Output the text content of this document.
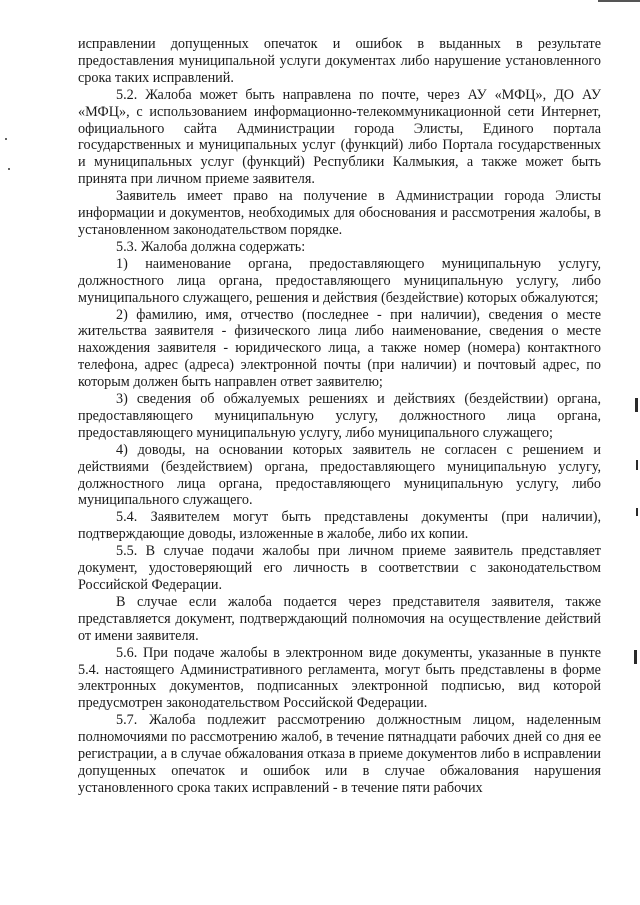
исправлении допущенных опечаток и ошибок в выданных в результате предоставления муниципальной услуги документах либо нарушение установленного срока таких исправлений.

5.2. Жалоба может быть направлена по почте, через АУ «МФЦ», ДО АУ «МФЦ», с использованием информационно-телекоммуникационной сети Интернет, официального сайта Администрации города Элисты, Единого портала государственных и муниципальных услуг (функций) либо Портала государственных и муниципальных услуг (функций) Республики Калмыкия, а также может быть принята при личном приеме заявителя.

Заявитель имеет право на получение в Администрации города Элисты информации и документов, необходимых для обоснования и рассмотрения жалобы, в установленном законодательством порядке.

5.3. Жалоба должна содержать:

1) наименование органа, предоставляющего муниципальную услугу, должностного лица органа, предоставляющего муниципальную услугу, либо муниципального служащего, решения и действия (бездействие) которых обжалуются;

2) фамилию, имя, отчество (последнее - при наличии), сведения о месте жительства заявителя - физического лица либо наименование, сведения о месте нахождения заявителя - юридического лица, а также номер (номера) контактного телефона, адрес (адреса) электронной почты (при наличии) и почтовый адрес, по которым должен быть направлен ответ заявителю;

3) сведения об обжалуемых решениях и действиях (бездействии) органа, предоставляющего муниципальную услугу, должностного лица органа, предоставляющего муниципальную услугу, либо муниципального служащего;

4) доводы, на основании которых заявитель не согласен с решением и действиями (бездействием) органа, предоставляющего муниципальную услугу, должностного лица органа, предоставляющего муниципальную услугу, либо муниципального служащего.

5.4. Заявителем могут быть представлены документы (при наличии), подтверждающие доводы, изложенные в жалобе, либо их копии.

5.5. В случае подачи жалобы при личном приеме заявитель представляет документ, удостоверяющий его личность в соответствии с законодательством Российской Федерации.

В случае если жалоба подается через представителя заявителя, также представляется документ, подтверждающий полномочия на осуществление действий от имени заявителя.

5.6. При подаче жалобы в электронном виде документы, указанные в пункте 5.4. настоящего Административного регламента, могут быть представлены в форме электронных документов, подписанных электронной подписью, вид которой предусмотрен законодательством Российской Федерации.

5.7. Жалоба подлежит рассмотрению должностным лицом, наделенным полномочиями по рассмотрению жалоб, в течение пятнадцати рабочих дней со дня ее регистрации, а в случае обжалования отказа в приеме документов либо в исправлении допущенных опечаток и ошибок или в случае обжалования нарушения установленного срока таких исправлений - в течение пяти рабочих
